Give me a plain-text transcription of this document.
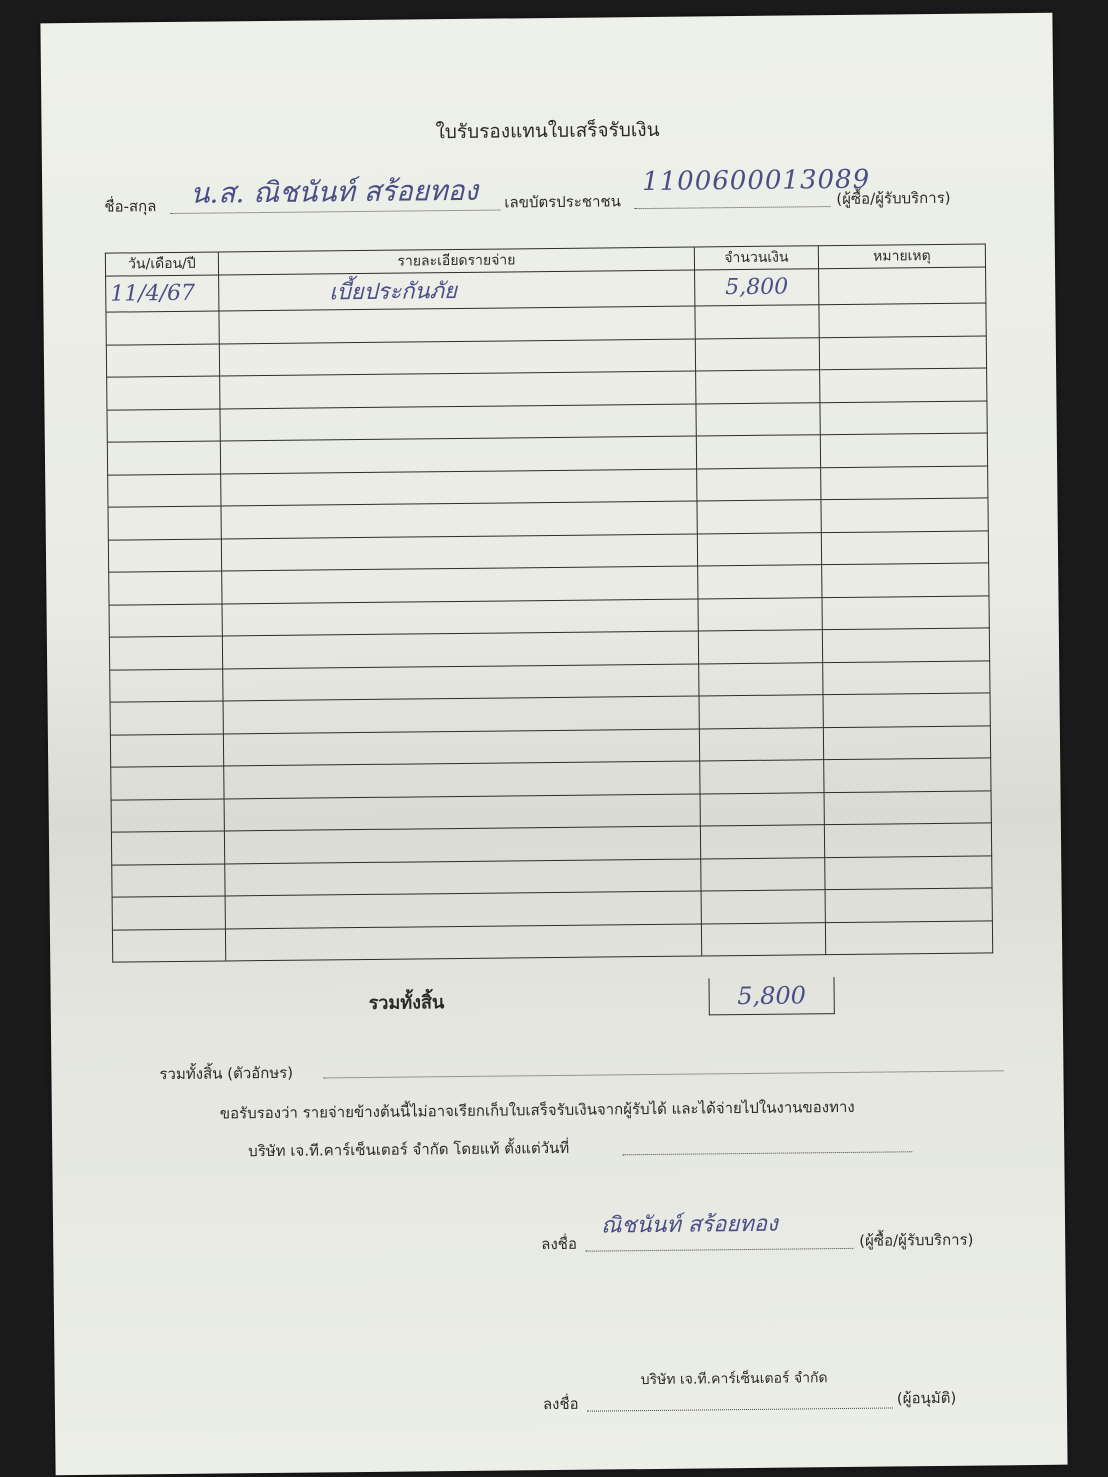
ใบรับรองแทนใบเสร็จรับเงิน
ชื่อ-สกุล น.ส. ณิชนันท์ สร้อยทอง เลขบัตรประชาชน
1100600013089
(ผู้ซื้อ/ผู้รับบริการ)
วัน/เดือน/ปี	รายละเอียดรายจ่าย	จำนวนเงิน	หมายเหตุ
11/4/67	เบี้ยประกันภัย	5,800	

รวมทั้งสิ้น	5,800
รวมทั้งสิ้น (ตัวอักษร)
ขอรับรองว่า รายจ่ายข้างต้นนี้ไม่อาจเรียกเก็บใบเสร็จรับเงินจากผู้รับได้ และได้จ่ายไปในงานของทาง
บริษัท เจ.ที.คาร์เซ็นเตอร์ จำกัด โดยแท้ ตั้งแต่วันที่
ลงชื่อ
ณิชนันท์ สร้อยทอง
(ผู้ซื้อ/ผู้รับบริการ)
ลงชื่อ
บริษัท เจ.ที.คาร์เซ็นเตอร์ จำกัด
(ผู้อนุมัติ)
